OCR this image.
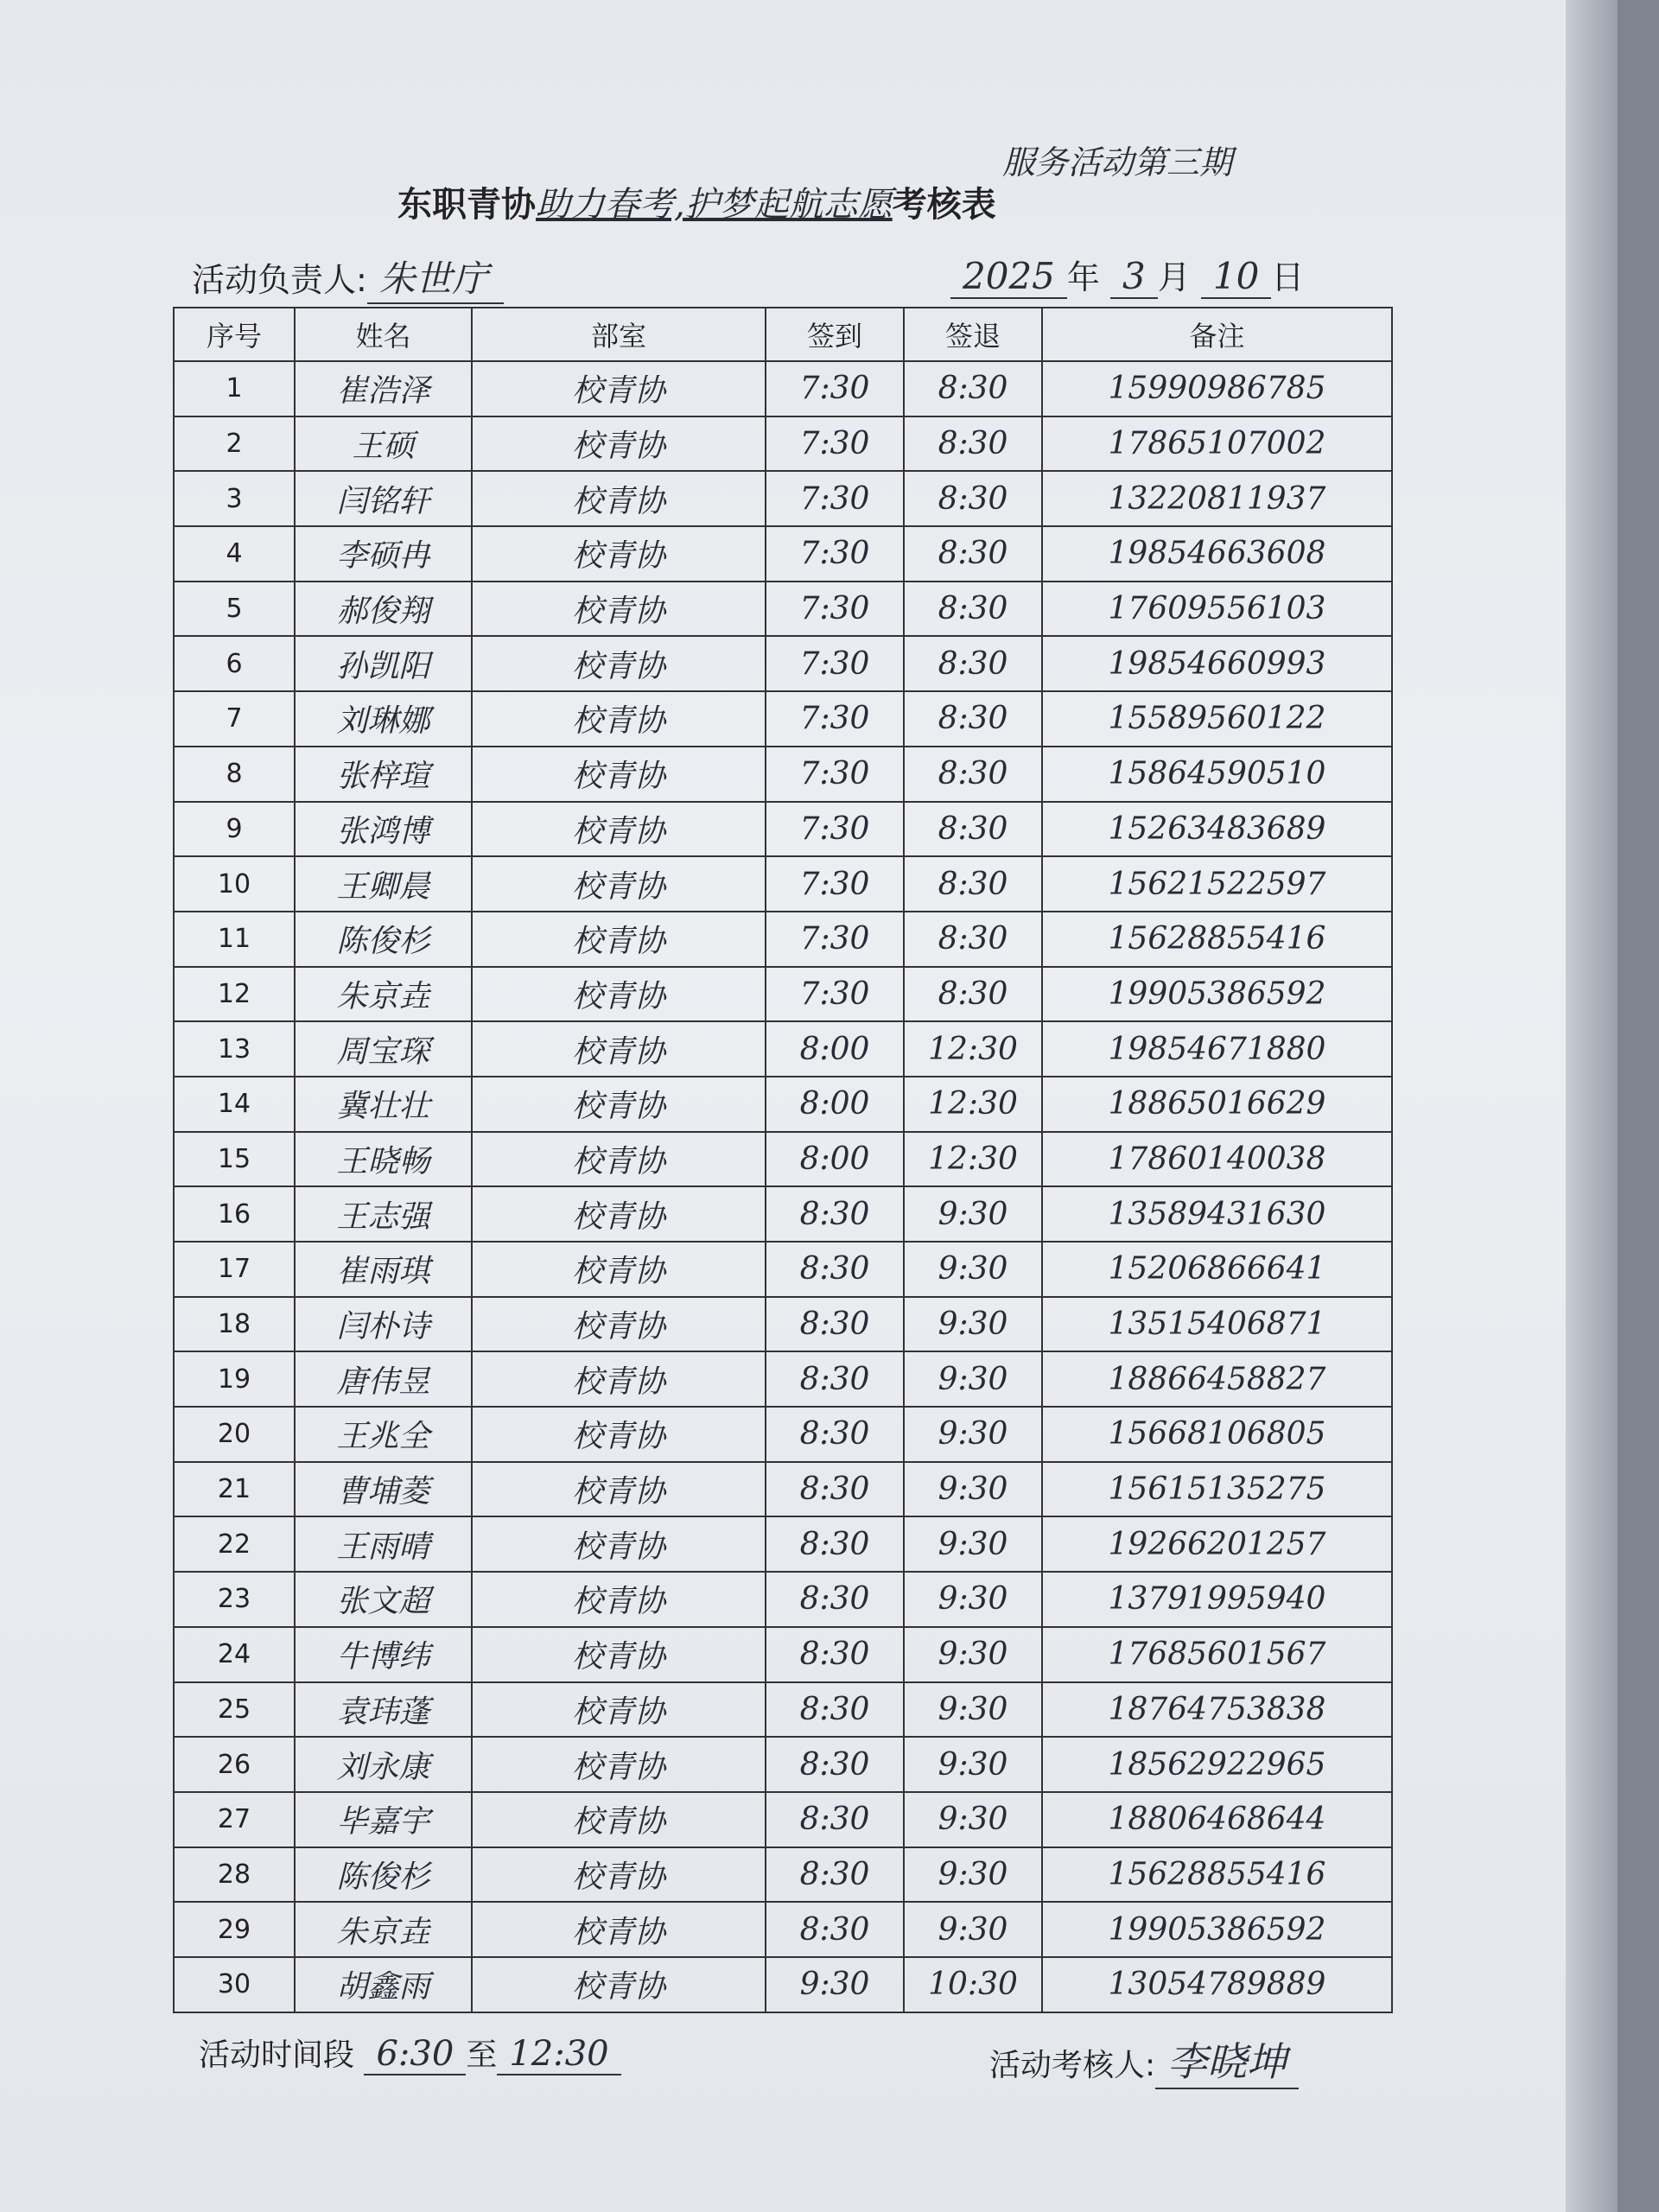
东职青协助力春考,护梦起航志愿考核表
服务活动第三期
活动负责人: 朱世庁	2025 年 3 月 10 日
序号	姓名	部室	签到	签退	备注
1	崔浩泽	校青协	7:30	8:30	15990986785
2	王硕	校青协	7:30	8:30	17865107002
3	闫铭轩	校青协	7:30	8:30	13220811937
4	李硕冉	校青协	7:30	8:30	19854663608
5	郝俊翔	校青协	7:30	8:30	17609556103
6	孙凯阳	校青协	7:30	8:30	19854660993
7	刘琳娜	校青协	7:30	8:30	15589560122
8	张梓瑄	校青协	7:30	8:30	15864590510
9	张鸿博	校青协	7:30	8:30	15263483689
10	王卿晨	校青协	7:30	8:30	15621522597
11	陈俊杉	校青协	7:30	8:30	15628855416
12	朱京垚	校青协	7:30	8:30	19905386592
13	周宝琛	校青协	8:00	12:30	19854671880
14	冀壮壮	校青协	8:00	12:30	18865016629
15	王晓畅	校青协	8:00	12:30	17860140038
16	王志强	校青协	8:30	9:30	13589431630
17	崔雨琪	校青协	8:30	9:30	15206866641
18	闫朴诗	校青协	8:30	9:30	13515406871
19	唐伟昱	校青协	8:30	9:30	18866458827
20	王兆全	校青协	8:30	9:30	15668106805
21	曹埔菱	校青协	8:30	9:30	15615135275
22	王雨晴	校青协	8:30	9:30	19266201257
23	张文超	校青协	8:30	9:30	13791995940
24	牛博纬	校青协	8:30	9:30	17685601567
25	袁玮蓬	校青协	8:30	9:30	18764753838
26	刘永康	校青协	8:30	9:30	18562922965
27	毕嘉宇	校青协	8:30	9:30	18806468644
28	陈俊杉	校青协	8:30	9:30	15628855416
29	朱京垚	校青协	8:30	9:30	19905386592
30	胡鑫雨	校青协	9:30	10:30	13054789889
活动时间段 6:30 至 12:30	活动考核人: 李晓坤
